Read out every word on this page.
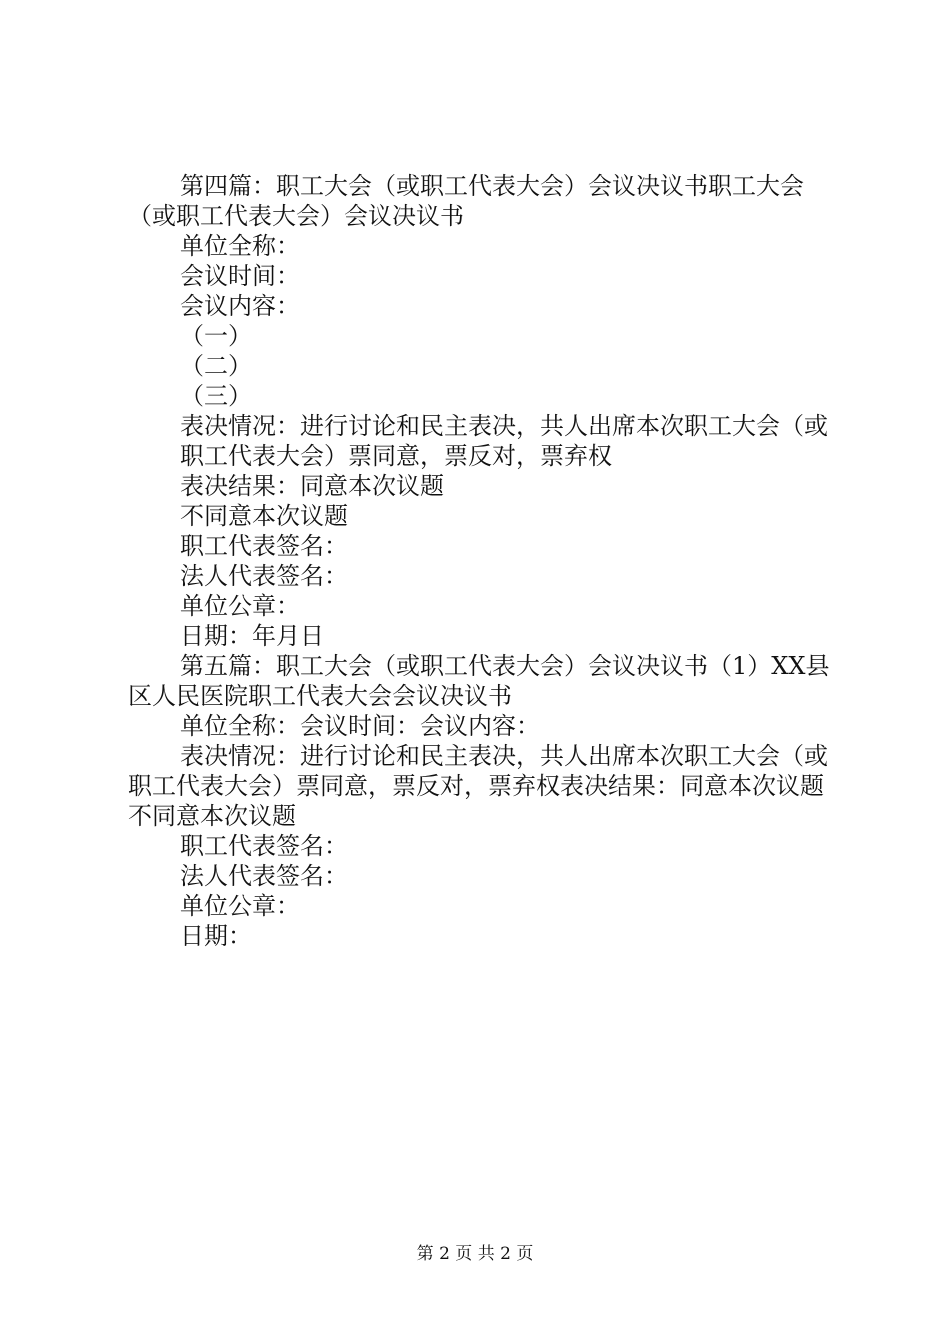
第四篇：职工大会（或职工代表大会）会议决议书职工大会（或职工代表大会）会议决议书

单位全称：

会议时间：

会议内容：

（一）

（二）

（三）

表决情况：进行讨论和民主表决，共人出席本次职工大会（或

职工代表大会）票同意，票反对，票弃权

表决结果：同意本次议题

不同意本次议题

职工代表签名：

法人代表签名：

单位公章：

日期：年月日

第五篇：职工大会（或职工代表大会）会议决议书（1）XX县区人民医院职工代表大会会议决议书

单位全称：会议时间：会议内容：

表决情况：进行讨论和民主表决，共人出席本次职工大会（或职工代表大会）票同意，票反对，票弃权表决结果：同意本次议题不同意本次议题

职工代表签名：

法人代表签名：

单位公章：

日期：

第 2 页 共 2 页
